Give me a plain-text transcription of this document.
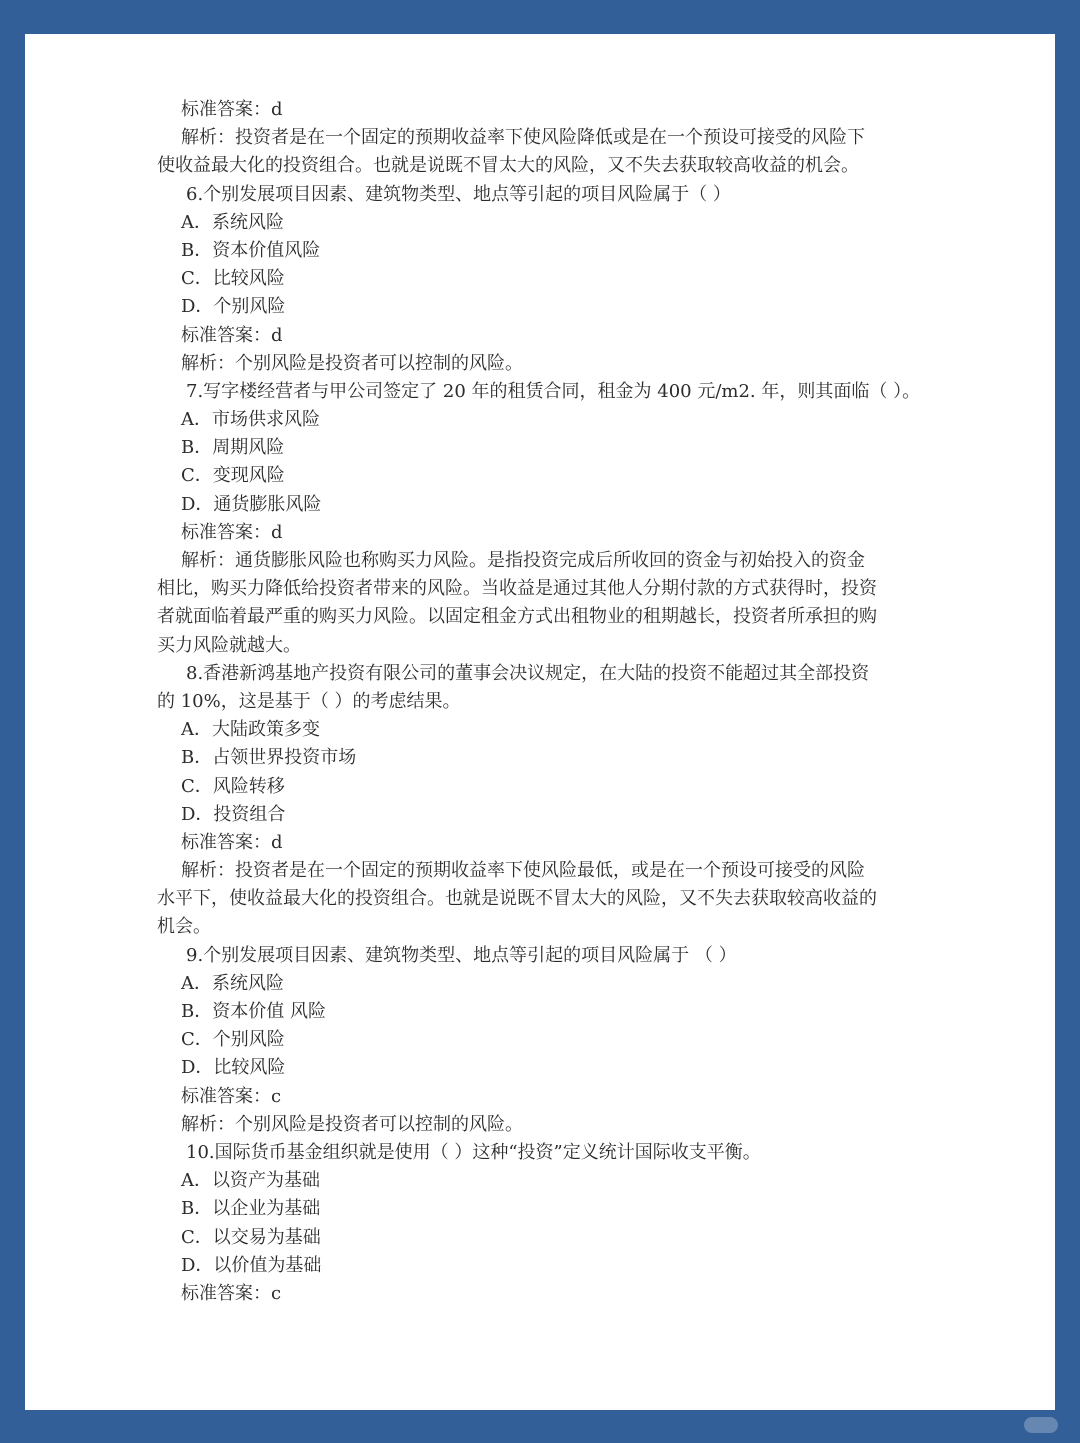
标准答案：d
解析：投资者是在一个固定的预期收益率下使风险降低或是在一个预设可接受的风险下
使收益最大化的投资组合。也就是说既不冒太大的风险，又不失去获取较高收益的机会。
6.个别发展项目因素、建筑物类型、地点等引起的项目风险属于（ ）
A．系统风险
B．资本价值风险
C．比较风险
D．个别风险
标准答案：d
解析：个别风险是投资者可以控制的风险。
7.写字楼经营者与甲公司签定了 20 年的租赁合同，租金为 400 元/m2. 年，则其面临（ ）。
A．市场供求风险
B．周期风险
C．变现风险
D．通货膨胀风险
标准答案：d
解析：通货膨胀风险也称购买力风险。是指投资完成后所收回的资金与初始投入的资金
相比，购买力降低给投资者带来的风险。当收益是通过其他人分期付款的方式获得时，投资
者就面临着最严重的购买力风险。以固定租金方式出租物业的租期越长，投资者所承担的购
买力风险就越大。
8.香港新鸿基地产投资有限公司的董事会决议规定，在大陆的投资不能超过其全部投资
的 10%，这是基于（ ）的考虑结果。
A．大陆政策多变
B．占领世界投资市场
C．风险转移
D．投资组合
标准答案：d
解析：投资者是在一个固定的预期收益率下使风险最低，或是在一个预设可接受的风险
水平下，使收益最大化的投资组合。也就是说既不冒太大的风险，又不失去获取较高收益的
机会。
9.个别发展项目因素、建筑物类型、地点等引起的项目风险属于 （ ）
A．系统风险
B．资本价值 风险
C．个别风险
D．比较风险
标准答案：c
解析：个别风险是投资者可以控制的风险。
10.国际货币基金组织就是使用（ ）这种“投资”定义统计国际收支平衡。
A．以资产为基础
B．以企业为基础
C．以交易为基础
D．以价值为基础
标准答案：c
